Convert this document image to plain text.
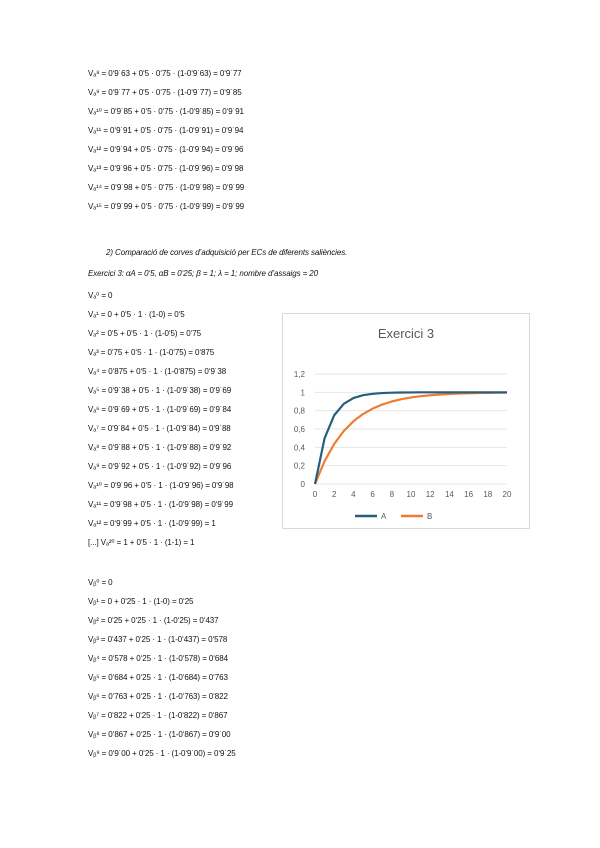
Vₐ⁸ = 0‘9˙63 + 0‘5 · 0‘75 · (1-0‘9˙63) = 0‘9˙77
Vₐ⁹ = 0‘9˙77 + 0‘5 · 0‘75 · (1-0‘9˙77) = 0‘9˙85
Vₐ¹⁰ = 0‘9˙85 + 0‘5 · 0‘75 · (1-0‘9˙85) = 0‘9˙91
Vₐ¹¹ = 0‘9˙91 + 0‘5 · 0‘75 · (1-0‘9˙91) = 0‘9˙94
Vₐ¹² = 0‘9˙94 + 0‘5 · 0‘75 · (1-0‘9˙94) = 0‘9˙96
Vₐ¹³ = 0‘9˙96 + 0‘5 · 0‘75 · (1-0‘9˙96) = 0‘9˙98
Vₐ¹⁴ = 0‘9˙98 + 0‘5 · 0‘75 · (1-0‘9˙98) = 0‘9˙99
Vₐ¹⁵ = 0‘9˙99 + 0‘5 · 0‘75 · (1-0‘9˙99) = 0‘9˙99
2) Comparació de corves d’adquisició per ECs de diferents saliències.
Exercici 3: αA = 0‘5, αB = 0‘25; β = 1; λ = 1; nombre d’assaigs = 20
Vₐ⁰ = 0
Vₐ¹ = 0 + 0‘5 · 1 · (1-0) = 0‘5
Vₐ² = 0‘5 + 0‘5 · 1 · (1-0‘5) = 0‘75
Vₐ³ = 0‘75 + 0‘5 · 1 · (1-0‘75) = 0‘875
Vₐ⁴ = 0‘875 + 0‘5 · 1 · (1-0‘875) = 0‘9˙38
Vₐ⁵ = 0‘9˙38 + 0‘5 · 1 · (1-0‘9˙38) = 0‘9˙69
Vₐ⁶ = 0‘9˙69 + 0‘5 · 1 · (1-0‘9˙69) = 0‘9˙84
Vₐ⁷ = 0‘9˙84 + 0‘5 · 1 · (1-0‘9˙84) = 0‘9˙88
Vₐ⁸ = 0‘9˙88 + 0‘5 · 1 · (1-0‘9˙88) = 0‘9˙92
Vₐ⁹ = 0‘9˙92 + 0‘5 · 1 · (1-0‘9˙92) = 0‘9˙96
Vₐ¹⁰ = 0‘9˙96 + 0‘5 · 1 · (1-0‘9˙96) = 0‘9˙98
Vₐ¹¹ = 0‘9˙98 + 0‘5 · 1 · (1-0‘9˙98) = 0‘9˙99
Vₐ¹² = 0‘9˙99 + 0‘5 · 1 · (1-0‘9˙99) = 1
[...] Vₐ²⁰ = 1 + 0‘5 · 1 · (1-1) = 1
Vᵦ⁰ = 0
Vᵦ¹ = 0 + 0‘25 · 1 · (1-0) = 0‘25
Vᵦ² = 0‘25 + 0‘25 · 1 · (1-0‘25) = 0‘437
Vᵦ³ = 0‘437 + 0‘25 · 1 · (1-0‘437) = 0‘578
Vᵦ⁴ = 0‘578 + 0‘25 · 1 · (1-0‘578) = 0‘684
Vᵦ⁵ = 0‘684 + 0‘25 · 1 · (1-0‘684) = 0‘763
Vᵦ⁶ = 0‘763 + 0‘25 · 1 · (1-0‘763) = 0‘822
Vᵦ⁷ = 0‘822 + 0‘25 · 1 · (1-0‘822) = 0‘867
Vᵦ⁸ = 0‘867 + 0‘25 · 1 · (1-0‘867) = 0‘9˙00
Vᵦ⁹ = 0‘9˙00 + 0‘25 · 1 · (1-0‘9˙00) = 0‘9˙25
Exercici 3
0
0,2
0,4
0,6
0,8
1
1,2
0 2 4 6 8 10 12 14 16 18 20
A	B
